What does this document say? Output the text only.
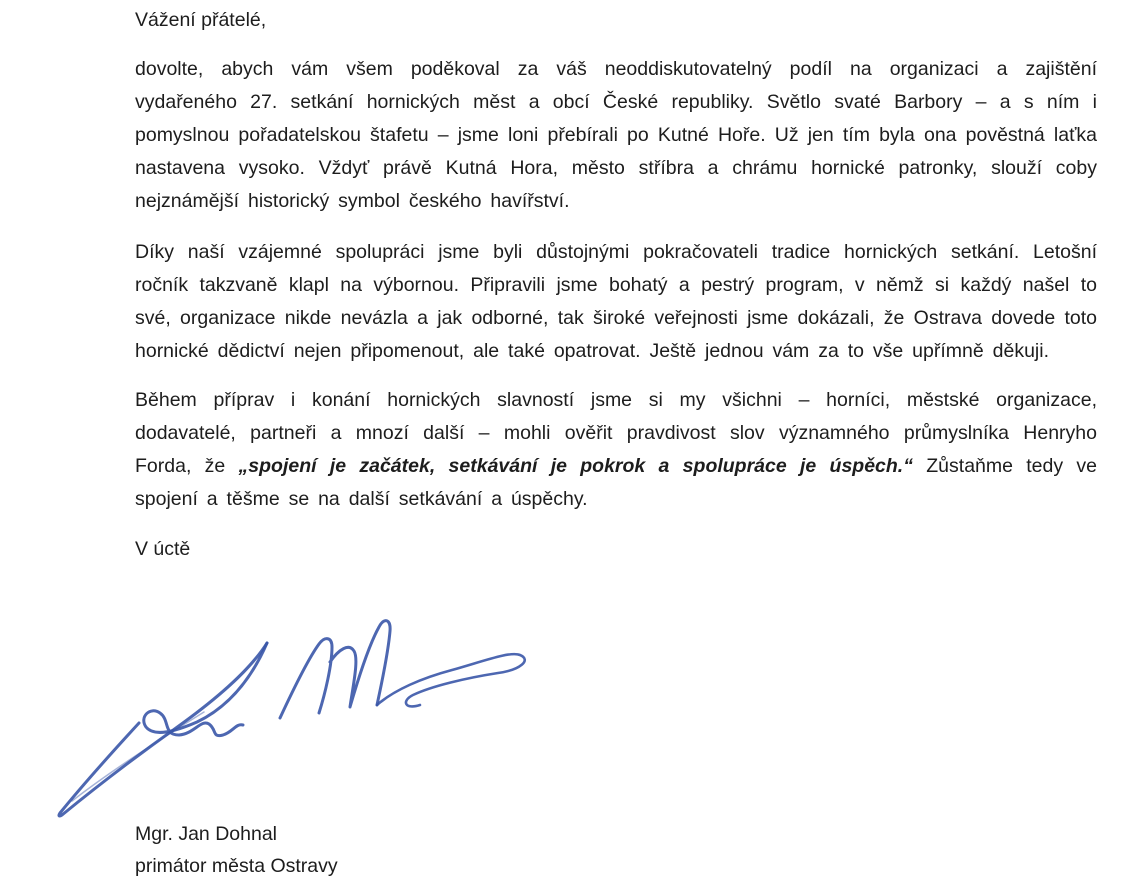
Vážení přátelé,

dovolte, abych vám všem poděkoval za váš neoddiskutovatelný podíl na organizaci a zajištění vydařeného 27. setkání hornických měst a obcí České republiky. Světlo svaté Barbory – a s ním i pomyslnou pořadatelskou štafetu – jsme loni přebírali po Kutné Hoře. Už jen tím byla ona pověstná laťka nastavena vysoko. Vždyť právě Kutná Hora, město stříbra a chrámu hornické patronky, slouží coby nejznámější historický symbol českého havířství.

Díky naší vzájemné spolupráci jsme byli důstojnými pokračovateli tradice hornických setkání. Letošní ročník takzvaně klapl na výbornou. Připravili jsme bohatý a pestrý program, v němž si každý našel to své, organizace nikde nevázla a jak odborné, tak široké veřejnosti jsme dokázali, že Ostrava dovede toto hornické dědictví nejen připomenout, ale také opatrovat. Ještě jednou vám za to vše upřímně děkuji.

Během příprav i konání hornických slavností jsme si my všichni – horníci, městské organizace, dodavatelé, partneři a mnozí další – mohli ověřit pravdivost slov významného průmyslníka Henryho Forda, že „spojení je začátek, setkávání je pokrok a spolupráce je úspěch.“ Zůstaňme tedy ve spojení a těšme se na další setkávání a úspěchy.

V úctě

Mgr. Jan Dohnal
primátor města Ostravy
